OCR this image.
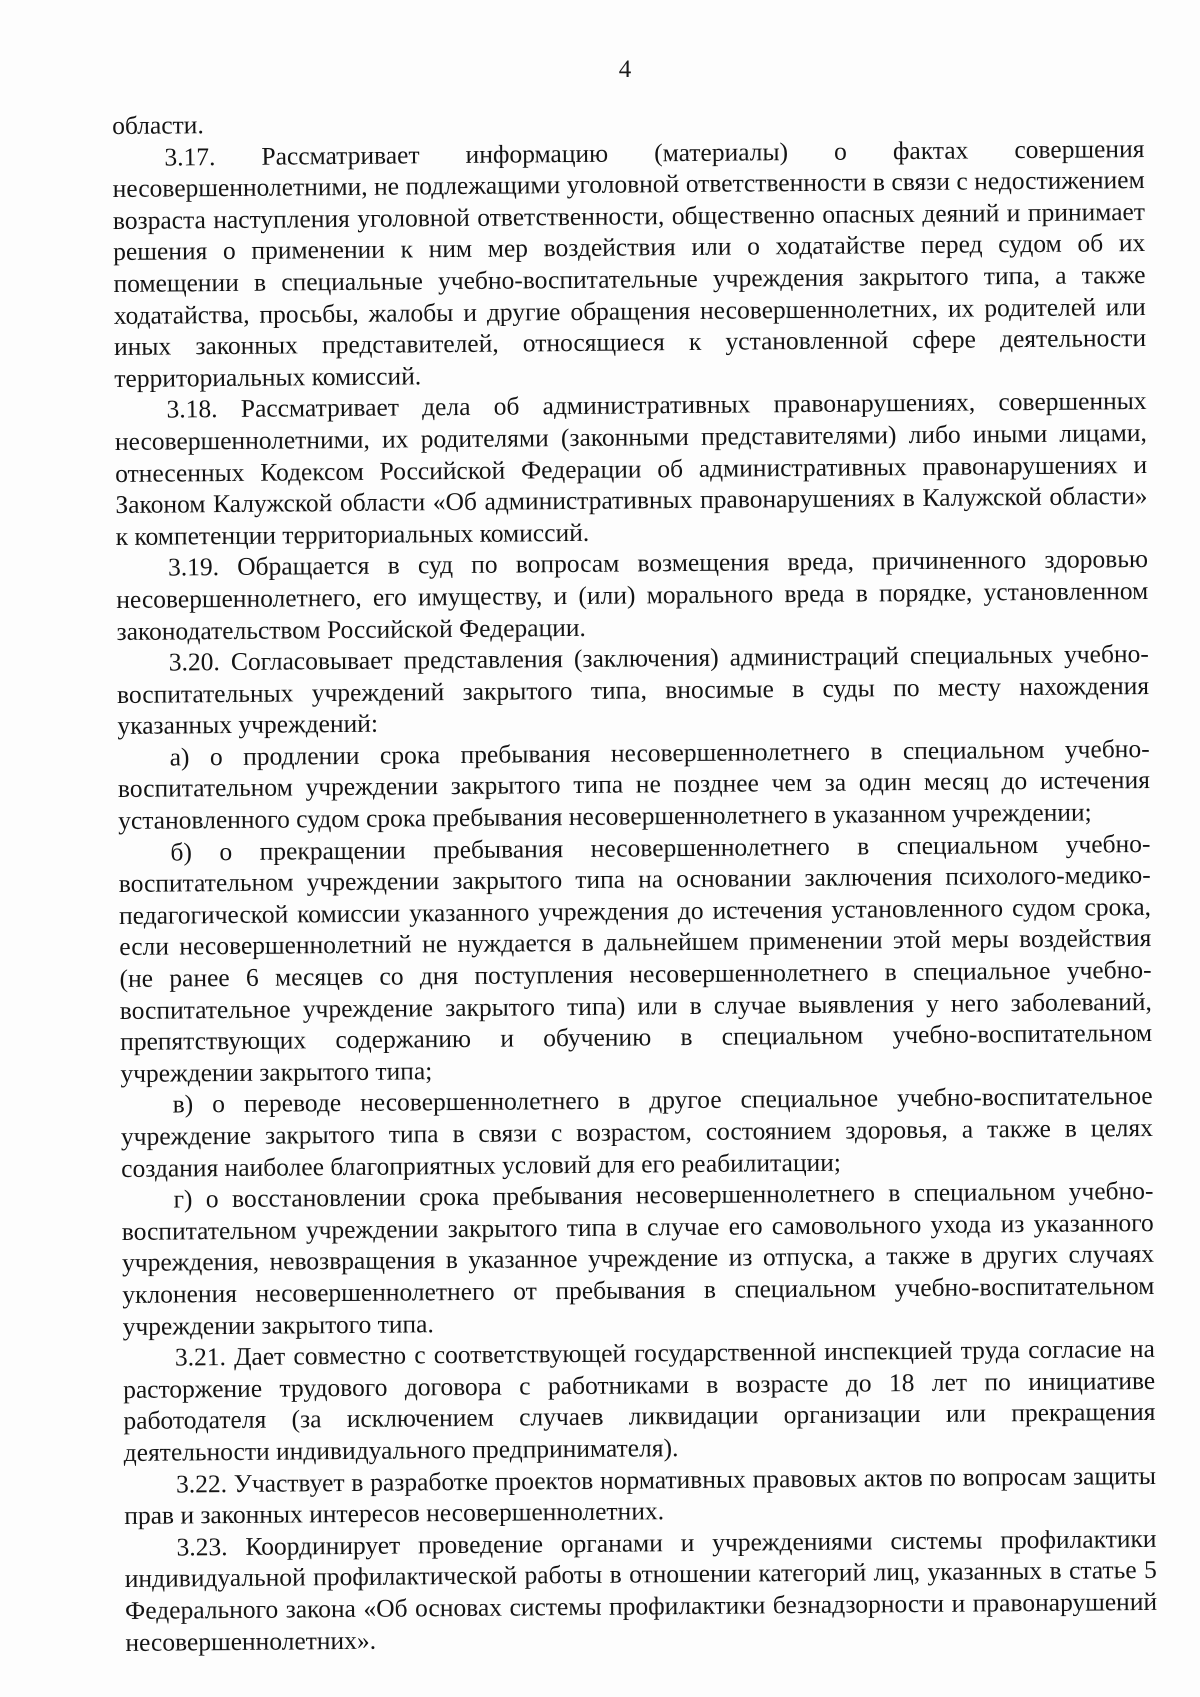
4

области.

3.17. Рассматривает информацию (материалы) о фактах совершения несовершеннолетними, не подлежащими уголовной ответственности в связи с недостижением возраста наступления уголовной ответственности, общественно опасных деяний и принимает решения о применении к ним мер воздействия или о ходатайстве перед судом об их помещении в специальные учебно-воспитательные учреждения закрытого типа, а также ходатайства, просьбы, жалобы и другие обращения несовершеннолетних, их родителей или иных законных представителей, относящиеся к установленной сфере деятельности территориальных комиссий.

3.18. Рассматривает дела об административных правонарушениях, совершенных несовершеннолетними, их родителями (законными представителями) либо иными лицами, отнесенных Кодексом Российской Федерации об административных правонарушениях и Законом Калужской области «Об административных правонарушениях в Калужской области» к компетенции территориальных комиссий.

3.19. Обращается в суд по вопросам возмещения вреда, причиненного здоровью несовершеннолетнего, его имуществу, и (или) морального вреда в порядке, установленном законодательством Российской Федерации.

3.20. Согласовывает представления (заключения) администраций специальных учебно-воспитательных учреждений закрытого типа, вносимые в суды по месту нахождения указанных учреждений:

а) о продлении срока пребывания несовершеннолетнего в специальном учебно-воспитательном учреждении закрытого типа не позднее чем за один месяц до истечения установленного судом срока пребывания несовершеннолетнего в указанном учреждении;

б) о прекращении пребывания несовершеннолетнего в специальном учебно-воспитательном учреждении закрытого типа на основании заключения психолого-медико-педагогической комиссии указанного учреждения до истечения установленного судом срока, если несовершеннолетний не нуждается в дальнейшем применении этой меры воздействия (не ранее 6 месяцев со дня поступления несовершеннолетнего в специальное учебно-воспитательное учреждение закрытого типа) или в случае выявления у него заболеваний, препятствующих содержанию и обучению в специальном учебно-воспитательном учреждении закрытого типа;

в) о переводе несовершеннолетнего в другое специальное учебно-воспитательное учреждение закрытого типа в связи с возрастом, состоянием здоровья, а также в целях создания наиболее благоприятных условий для его реабилитации;

г) о восстановлении срока пребывания несовершеннолетнего в специальном учебно-воспитательном учреждении закрытого типа в случае его самовольного ухода из указанного учреждения, невозвращения в указанное учреждение из отпуска, а также в других случаях уклонения несовершеннолетнего от пребывания в специальном учебно-воспитательном учреждении закрытого типа.

3.21. Дает совместно с соответствующей государственной инспекцией труда согласие на расторжение трудового договора с работниками в возрасте до 18 лет по инициативе работодателя (за исключением случаев ликвидации организации или прекращения деятельности индивидуального предпринимателя).

3.22. Участвует в разработке проектов нормативных правовых актов по вопросам защиты прав и законных интересов несовершеннолетних.

3.23. Координирует проведение органами и учреждениями системы профилактики индивидуальной профилактической работы в отношении категорий лиц, указанных в статье 5 Федерального закона «Об основах системы профилактики безнадзорности и правонарушений несовершеннолетних».
